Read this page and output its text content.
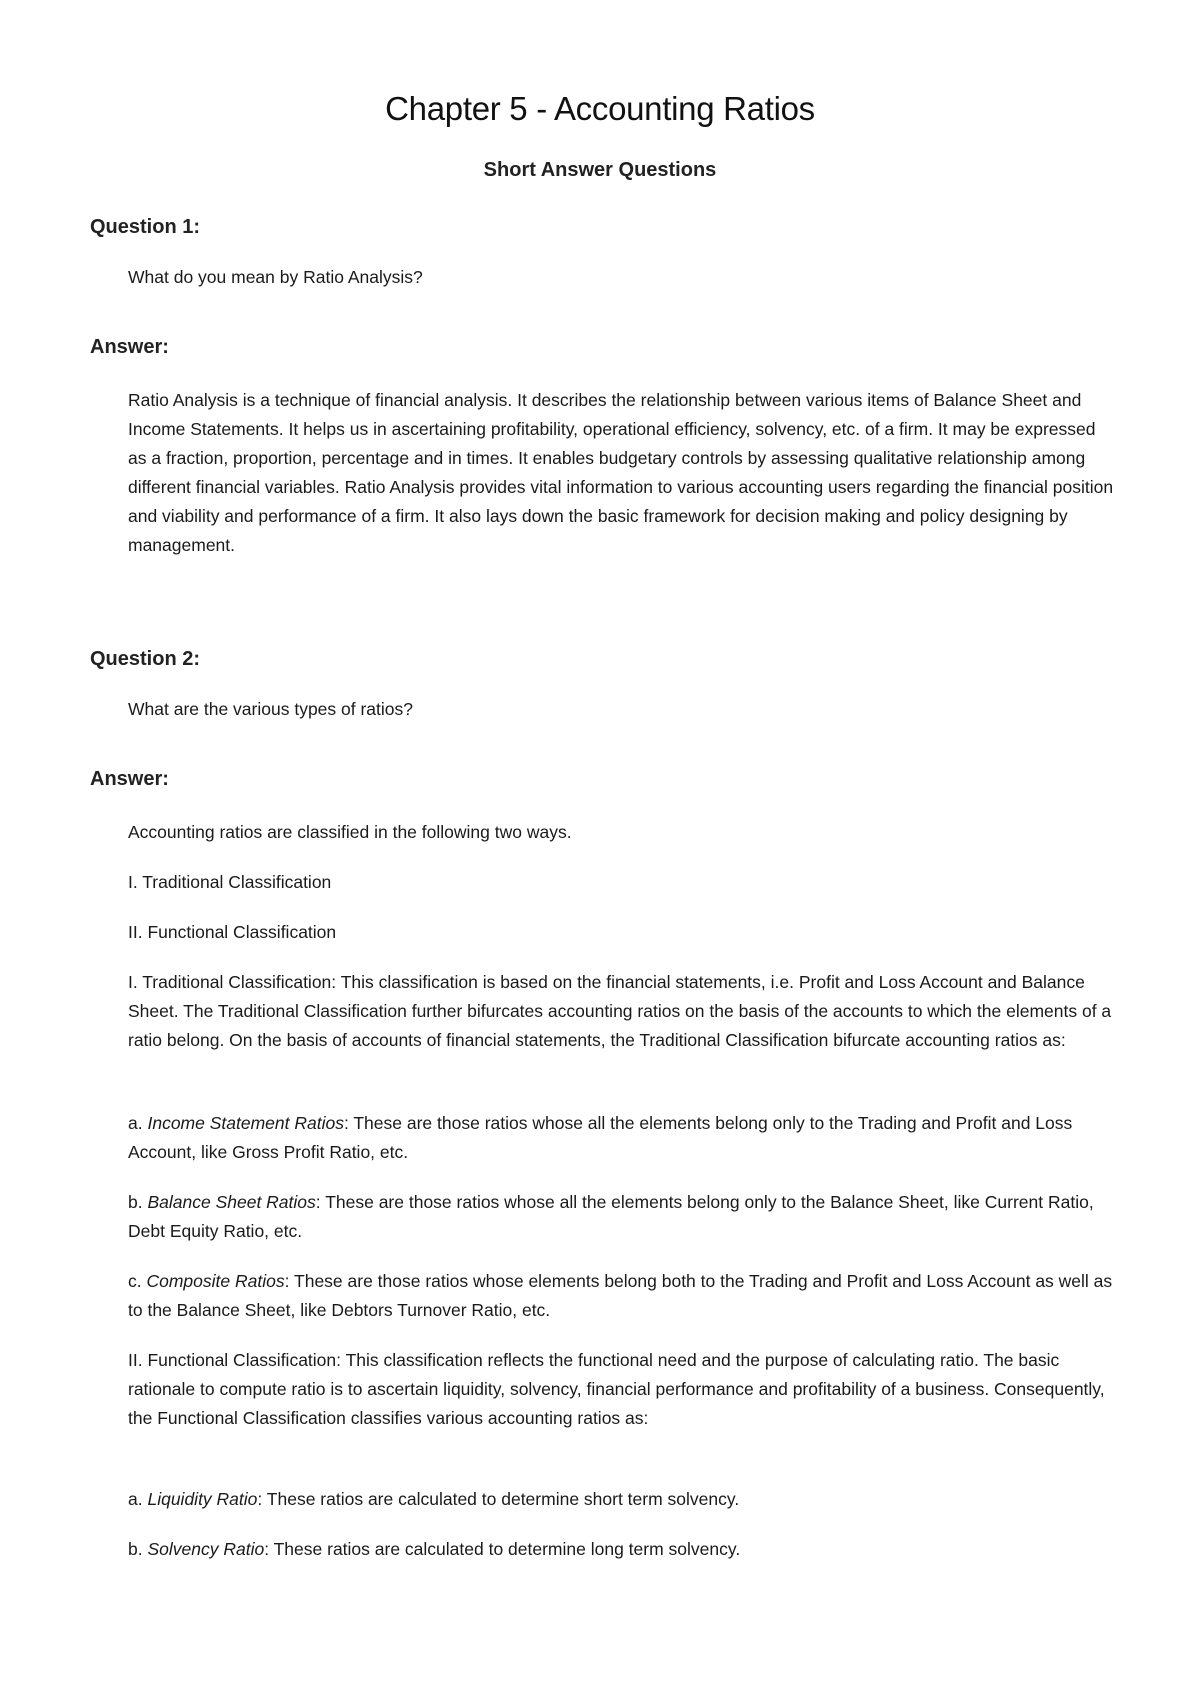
Chapter 5 - Accounting Ratios
Short Answer Questions
Question 1:

What do you mean by Ratio Analysis?

Answer:

Ratio Analysis is a technique of financial analysis. It describes the relationship between various items of Balance Sheet and Income Statements. It helps us in ascertaining profitability, operational efficiency, solvency, etc. of a firm. It may be expressed as a fraction, proportion, percentage and in times. It enables budgetary controls by assessing qualitative relationship among different financial variables. Ratio Analysis provides vital information to various accounting users regarding the financial position and viability and performance of a firm. It also lays down the basic framework for decision making and policy designing by management.

Question 2:

What are the various types of ratios?

Answer:

Accounting ratios are classified in the following two ways.

I. Traditional Classification

II. Functional Classification

I. Traditional Classification: This classification is based on the financial statements, i.e. Profit and Loss Account and Balance Sheet. The Traditional Classification further bifurcates accounting ratios on the basis of the accounts to which the elements of a ratio belong. On the basis of accounts of financial statements, the Traditional Classification bifurcate accounting ratios as:

a. Income Statement Ratios: These are those ratios whose all the elements belong only to the Trading and Profit and Loss Account, like Gross Profit Ratio, etc.

b. Balance Sheet Ratios: These are those ratios whose all the elements belong only to the Balance Sheet, like Current Ratio, Debt Equity Ratio, etc.

c. Composite Ratios: These are those ratios whose elements belong both to the Trading and Profit and Loss Account as well as to the Balance Sheet, like Debtors Turnover Ratio, etc.

II. Functional Classification: This classification reflects the functional need and the purpose of calculating ratio. The basic rationale to compute ratio is to ascertain liquidity, solvency, financial performance and profitability of a business. Consequently, the Functional Classification classifies various accounting ratios as:

a. Liquidity Ratio: These ratios are calculated to determine short term solvency.

b. Solvency Ratio: These ratios are calculated to determine long term solvency.
